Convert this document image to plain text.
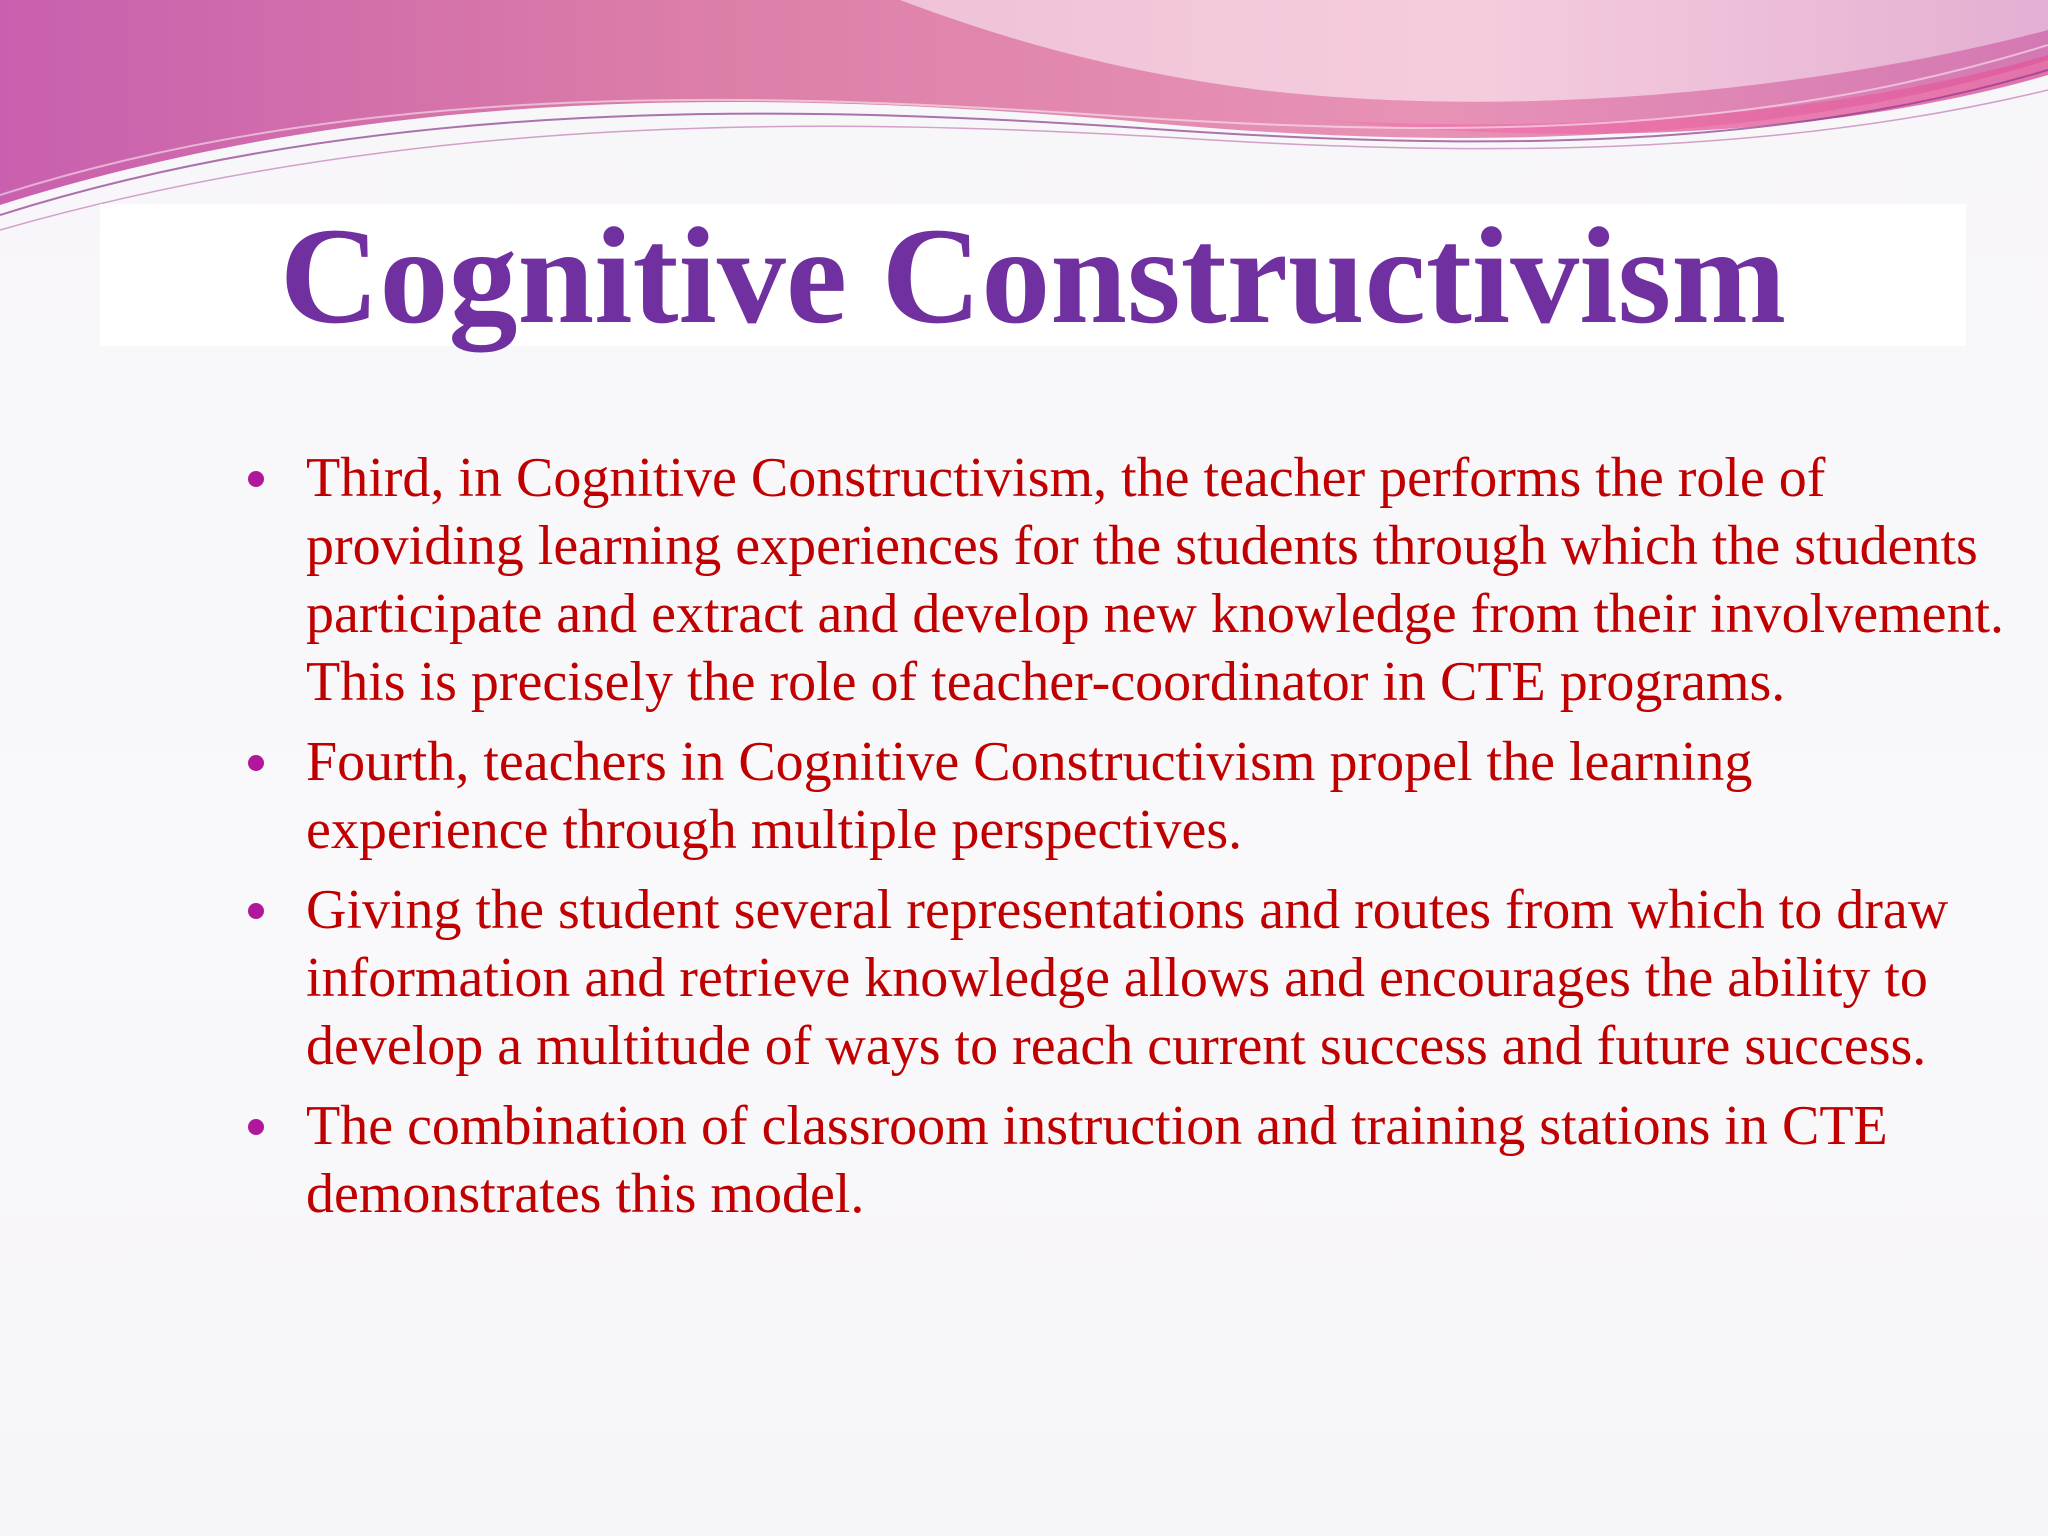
Cognitive Constructivism
Third, in Cognitive Constructivism, the teacher performs the role of providing learning experiences for the students through which the students participate and extract and develop new knowledge from their involvement. This is precisely the role of teacher-coordinator in CTE programs.
Fourth, teachers in Cognitive Constructivism propel the learning experience through multiple perspectives.
Giving the student several representations and routes from which to draw information and retrieve knowledge allows and encourages the ability to develop a multitude of ways to reach current success and future success.
The combination of classroom instruction and training stations in CTE demonstrates this model.
